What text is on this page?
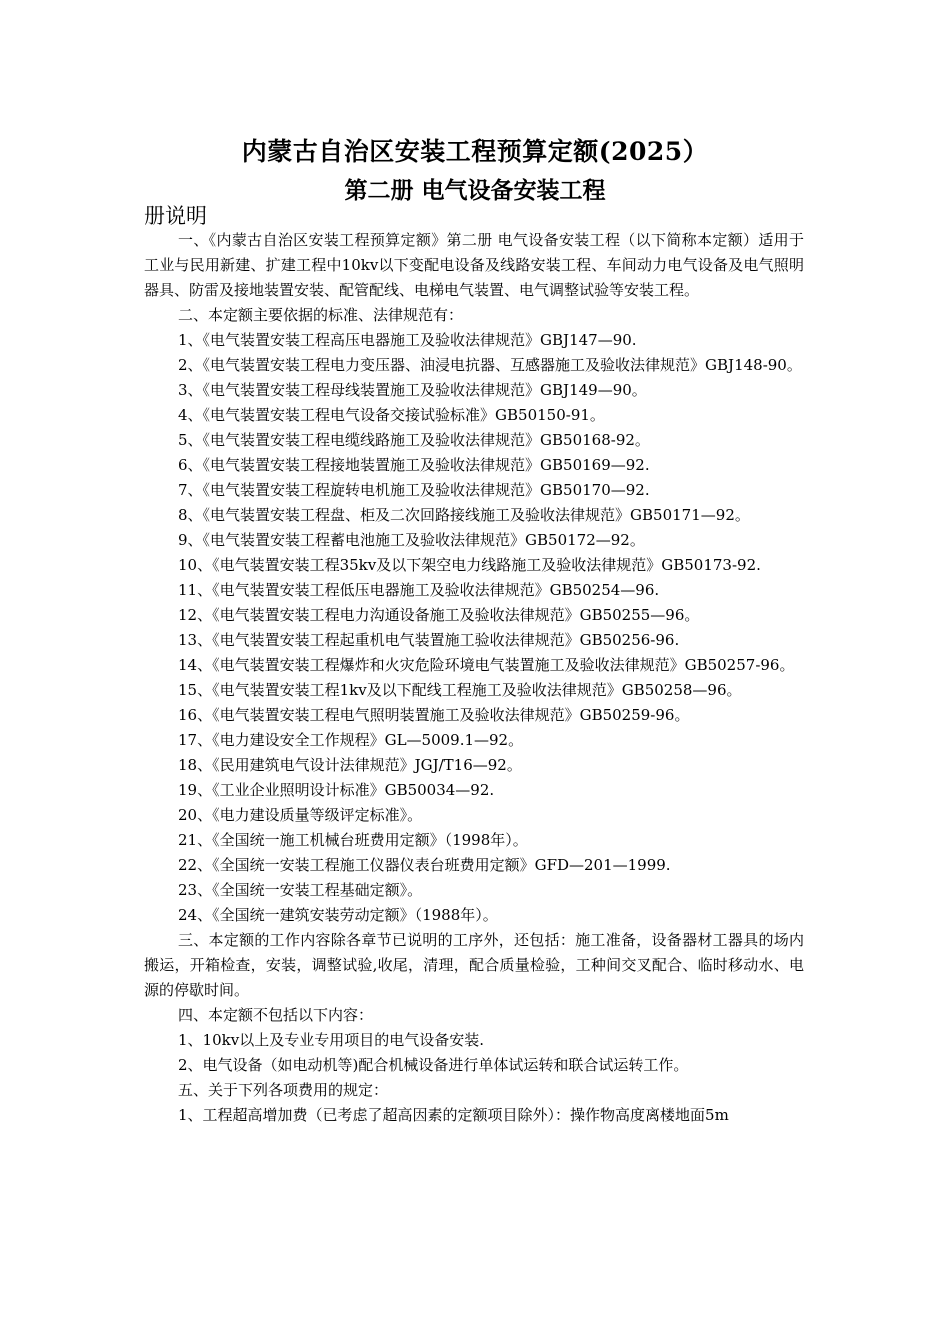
内蒙古自治区安装工程预算定额(2025）
第二册 电气设备安装工程
册说明

一、《内蒙古自治区安装工程预算定额》第二册 电气设备安装工程（以下简称本定额）适用于工业与民用新建、扩建工程中10kv以下变配电设备及线路安装工程、车间动力电气设备及电气照明器具、防雷及接地装置安装、配管配线、电梯电气装置、电气调整试验等安装工程。

二、本定额主要依据的标准、法律规范有：

1、《电气装置安装工程高压电器施工及验收法律规范》GBJ147—90.

2、《电气装置安装工程电力变压器、油浸电抗器、互感器施工及验收法律规范》GBJ148-90。

3、《电气装置安装工程母线装置施工及验收法律规范》GBJ149—90。

4、《电气装置安装工程电气设备交接试验标准》GB50150-91。

5、《电气装置安装工程电缆线路施工及验收法律规范》GB50168-92。

6、《电气装置安装工程接地装置施工及验收法律规范》GB50169—92.

7、《电气装置安装工程旋转电机施工及验收法律规范》GB50170—92.

8、《电气装置安装工程盘、柜及二次回路接线施工及验收法律规范》GB50171—92。

9、《电气装置安装工程蓄电池施工及验收法律规范》GB50172—92。

10、《电气装置安装工程35kv及以下架空电力线路施工及验收法律规范》GB50173-92.

11、《电气装置安装工程低压电器施工及验收法律规范》GB50254—96.

12、《电气装置安装工程电力沟通设备施工及验收法律规范》GB50255—96。

13、《电气装置安装工程起重机电气装置施工验收法律规范》GB50256-96.

14、《电气装置安装工程爆炸和火灾危险环境电气装置施工及验收法律规范》GB50257-96。

15、《电气装置安装工程1kv及以下配线工程施工及验收法律规范》GB50258—96。

16、《电气装置安装工程电气照明装置施工及验收法律规范》GB50259-96。

17、《电力建设安全工作规程》GL—5009.1—92。

18、《民用建筑电气设计法律规范》JGJ/T16—92。

19、《工业企业照明设计标准》GB50034—92.

20、《电力建设质量等级评定标准》。

21、《全国统一施工机械台班费用定额》（1998年）。

22、《全国统一安装工程施工仪器仪表台班费用定额》GFD—201—1999.

23、《全国统一安装工程基础定额》。

24、《全国统一建筑安装劳动定额》（1988年）。

三、本定额的工作内容除各章节已说明的工序外，还包括：施工准备，设备器材工器具的场内搬运，开箱检查，安装，调整试验,收尾，清理，配合质量检验，工种间交叉配合、临时移动水、电源的停歇时间。

四、本定额不包括以下内容：

1、10kv以上及专业专用项目的电气设备安装.

2、电气设备（如电动机等)配合机械设备进行单体试运转和联合试运转工作。

五、关于下列各项费用的规定：

1、工程超高增加费（已考虑了超高因素的定额项目除外）：操作物高度离楼地面5m
